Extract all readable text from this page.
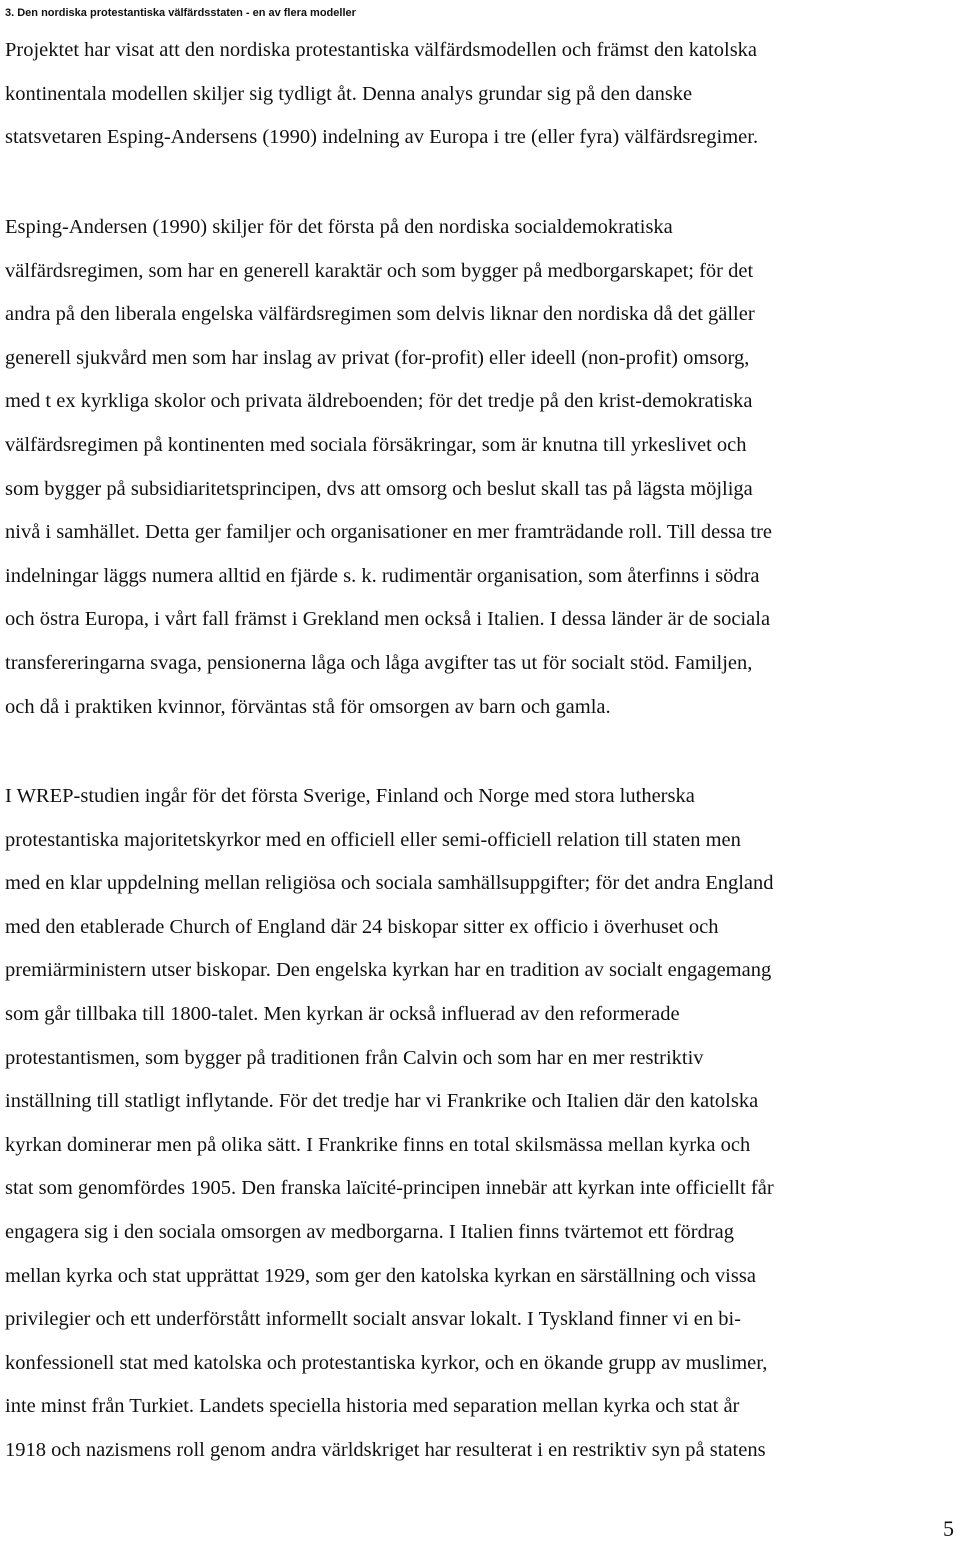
3. Den nordiska protestantiska välfärdsstaten - en av flera modeller
Projektet har visat att den nordiska protestantiska välfärdsmodellen och främst den katolska
kontinentala modellen skiljer sig tydligt åt. Denna analys grundar sig på den danske
statsvetaren Esping-Andersens (1990) indelning av Europa i tre (eller fyra) välfärdsregimer.
Esping-Andersen (1990) skiljer för det första på den nordiska socialdemokratiska
välfärdsregimen, som har en generell karaktär och som bygger på medborgarskapet; för det
andra på den liberala engelska välfärdsregimen som delvis liknar den nordiska då det gäller
generell sjukvård men som har inslag av privat (for-profit) eller ideell (non-profit) omsorg,
med t ex kyrkliga skolor och privata äldreboenden; för det tredje på den krist-demokratiska
välfärdsregimen på kontinenten med sociala försäkringar, som är knutna till yrkeslivet och
som bygger på subsidiaritetsprincipen, dvs att omsorg och beslut skall tas på lägsta möjliga
nivå i samhället. Detta ger familjer och organisationer en mer framträdande roll. Till dessa tre
indelningar läggs numera alltid en fjärde s. k. rudimentär organisation, som återfinns i södra
och östra Europa, i vårt fall främst i Grekland men också i Italien. I dessa länder är de sociala
transfereringarna svaga, pensionerna låga och låga avgifter tas ut för socialt stöd. Familjen,
och då i praktiken kvinnor, förväntas stå för omsorgen av barn och gamla.
I WREP-studien ingår för det första Sverige, Finland och Norge med stora lutherska
protestantiska majoritetskyrkor med en officiell eller semi-officiell relation till staten men
med en klar uppdelning mellan religiösa och sociala samhällsuppgifter; för det andra England
med den etablerade Church of England där 24 biskopar sitter ex officio i överhuset och
premiärministern utser biskopar. Den engelska kyrkan har en tradition av socialt engagemang
som går tillbaka till 1800-talet. Men kyrkan är också influerad av den reformerade
protestantismen, som bygger på traditionen från Calvin och som har en mer restriktiv
inställning till statligt inflytande. För det tredje har vi Frankrike och Italien där den katolska
kyrkan dominerar men på olika sätt. I Frankrike finns en total skilsmässa mellan kyrka och
stat som genomfördes 1905. Den franska laïcité-principen innebär att kyrkan inte officiellt får
engagera sig i den sociala omsorgen av medborgarna. I Italien finns tvärtemot ett fördrag
mellan kyrka och stat upprättat 1929, som ger den katolska kyrkan en särställning och vissa
privilegier och ett underförstått informellt socialt ansvar lokalt. I Tyskland finner vi en bi-
konfessionell stat med katolska och protestantiska kyrkor, och en ökande grupp av muslimer,
inte minst från Turkiet. Landets speciella historia med separation mellan kyrka och stat år
1918 och nazismens roll genom andra världskriget har resulterat i en restriktiv syn på statens
5
